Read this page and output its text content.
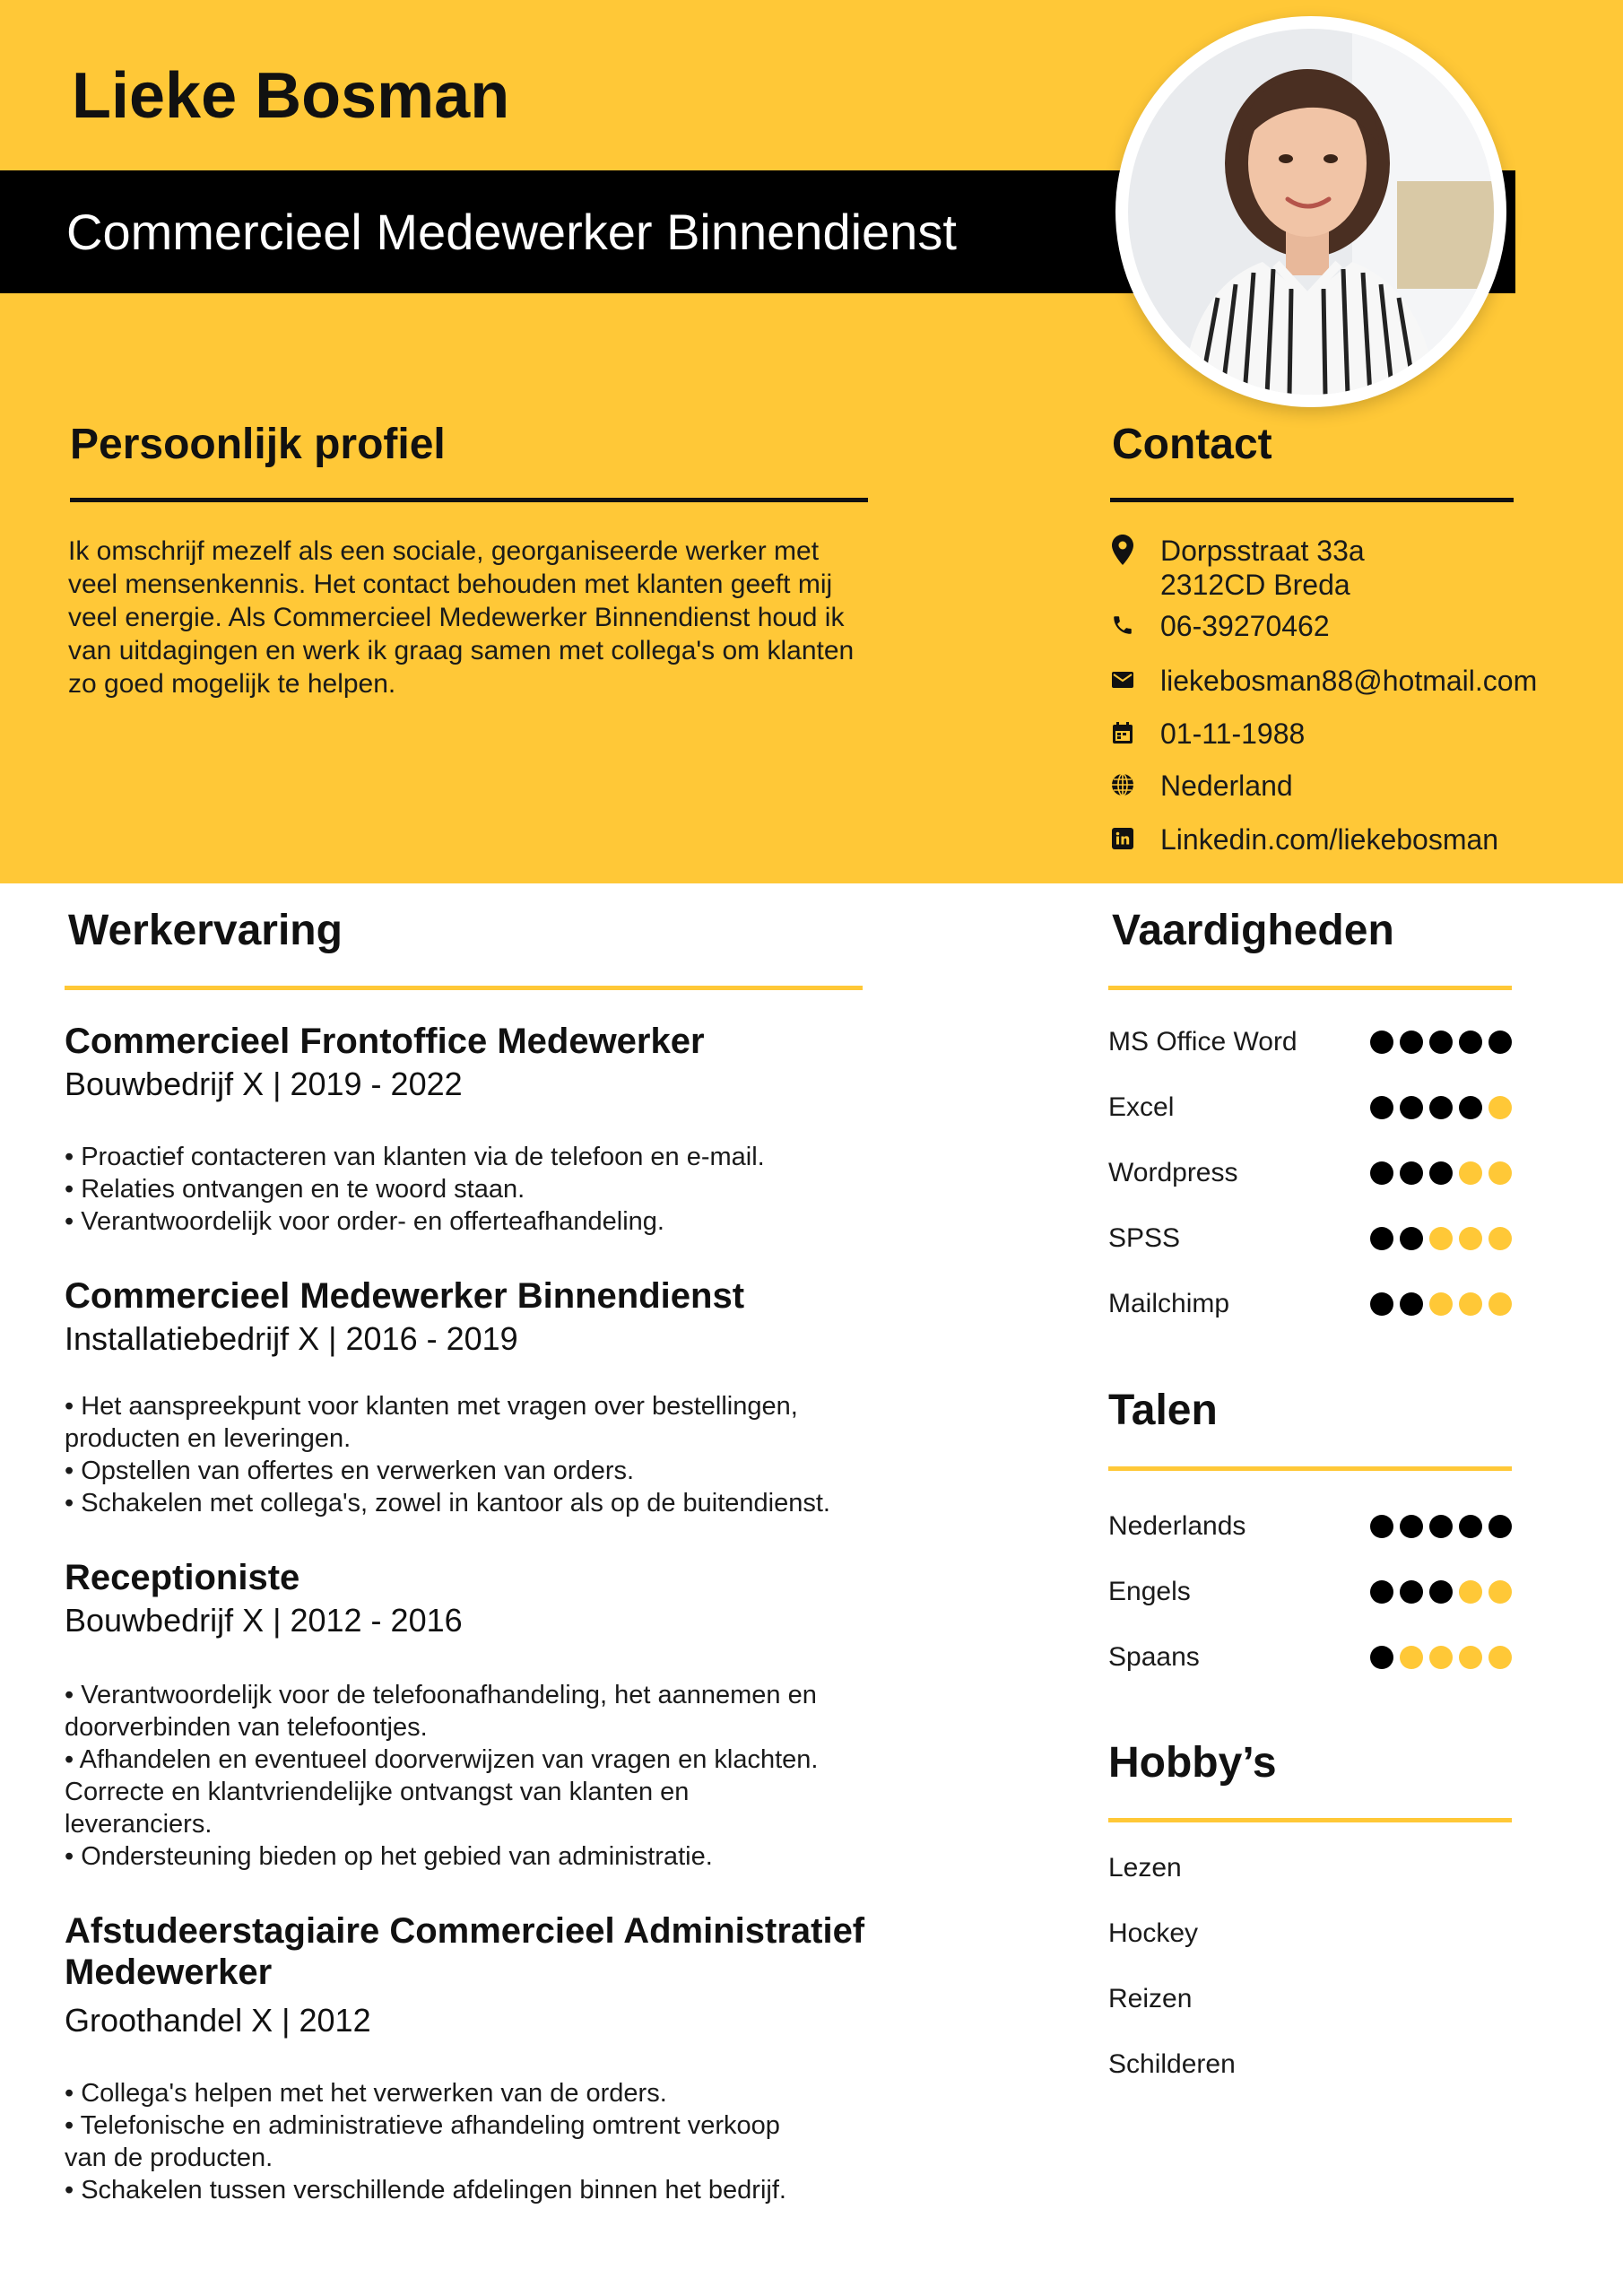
Lieke Bosman
Commercieel Medewerker Binnendienst
Persoonlijk profiel
Ik omschrijf mezelf als een sociale, georganiseerde werker met
veel mensenkennis. Het contact behouden met klanten geeft mij
veel energie. Als Commercieel Medewerker Binnendienst houd ik
van uitdagingen en werk ik graag samen met collega's om klanten
zo goed mogelijk te helpen.
Contact
Dorpsstraat 33a
2312CD Breda
06-39270462
liekebosman88@hotmail.com
01-11-1988
Nederland
Linkedin.com/liekebosman
Werkervaring
Commercieel Frontoffice Medewerker
Bouwbedrijf X | 2019 - 2022
• Proactief contacteren van klanten via de telefoon en e-mail.
• Relaties ontvangen en te woord staan.
• Verantwoordelijk voor order- en offerteafhandeling.
Commercieel Medewerker Binnendienst
Installatiebedrijf X | 2016 - 2019
• Het aanspreekpunt voor klanten met vragen over bestellingen,
producten en leveringen.
• Opstellen van offertes en verwerken van orders.
• Schakelen met collega's, zowel in kantoor als op de buitendienst.
Receptioniste
Bouwbedrijf X | 2012 - 2016
• Verantwoordelijk voor de telefoonafhandeling, het aannemen en
doorverbinden van telefoontjes.
• Afhandelen en eventueel doorverwijzen van vragen en klachten.
Correcte en klantvriendelijke ontvangst van klanten en
leveranciers.
• Ondersteuning bieden op het gebied van administratie.
Afstudeerstagiaire Commercieel Administratief
Medewerker
Groothandel X | 2012
• Collega's helpen met het verwerken van de orders.
• Telefonische en administratieve afhandeling omtrent verkoop
van de producten.
• Schakelen tussen verschillende afdelingen binnen het bedrijf.
Vaardigheden
MS Office Word
Excel
Wordpress
SPSS
Mailchimp
Talen
Nederlands
Engels
Spaans
Hobby’s
Lezen
Hockey
Reizen
Schilderen
